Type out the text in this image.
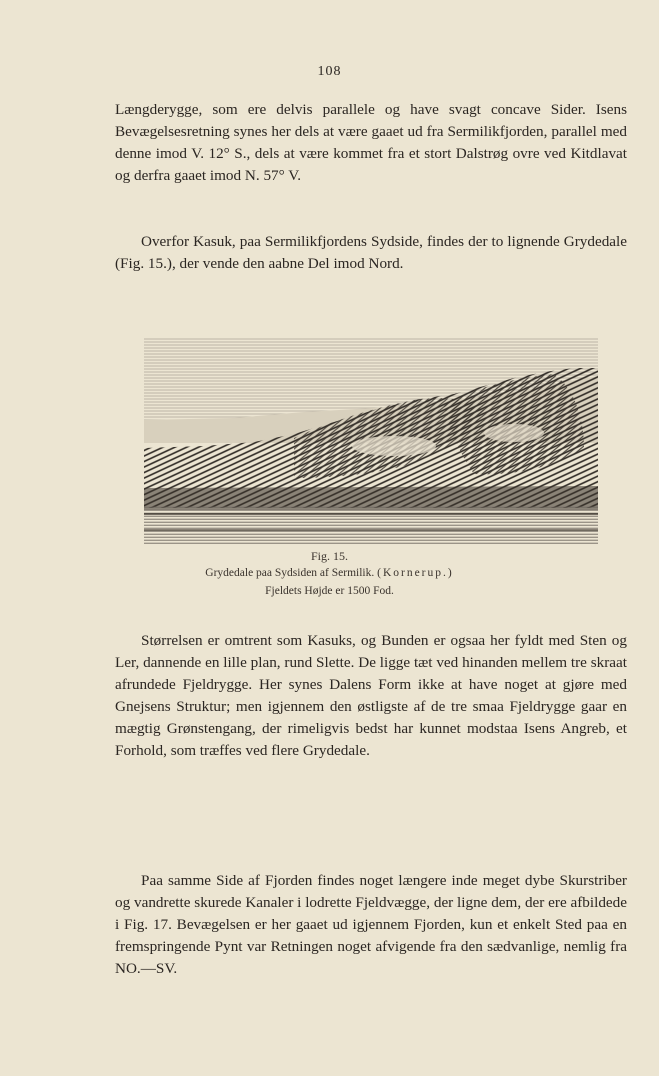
108

Længderygge, som ere delvis parallele og have svagt concave Sider. Isens Bevægelsesretning synes her dels at være gaaet ud fra Sermilikfjorden, parallel med denne imod V. 12° S., dels at være kommet fra et stort Dalstrøg ovre ved Kitdlavat og derfra gaaet imod N. 57° V.

Overfor Kasuk, paa Sermilikfjordens Sydside, findes der to lignende Grydedale (Fig. 15.), der vende den aabne Del imod Nord.

Fig. 15.
Grydedale paa Sydsiden af Sermilik. (Kornerup.)
Fjeldets Højde er 1500 Fod.

Størrelsen er omtrent som Kasuks, og Bunden er ogsaa her fyldt med Sten og Ler, dannende en lille plan, rund Slette. De ligge tæt ved hinanden mellem tre skraat afrundede Fjeldrygge. Her synes Dalens Form ikke at have noget at gjøre med Gnejsens Struktur; men igjennem den østligste af de tre smaa Fjeldrygge gaar en mægtig Grønstengang, der rimeligvis bedst har kunnet modstaa Isens Angreb, et Forhold, som træffes ved flere Grydedale.

Paa samme Side af Fjorden findes noget længere inde meget dybe Skurstriber og vandrette skurede Kanaler i lodrette Fjeldvægge, der ligne dem, der ere afbildede i Fig. 17. Bevægelsen er her gaaet ud igjennem Fjorden, kun et enkelt Sted paa en fremspringende Pynt var Retningen noget afvigende fra den sædvanlige, nemlig fra NO.—SV.
